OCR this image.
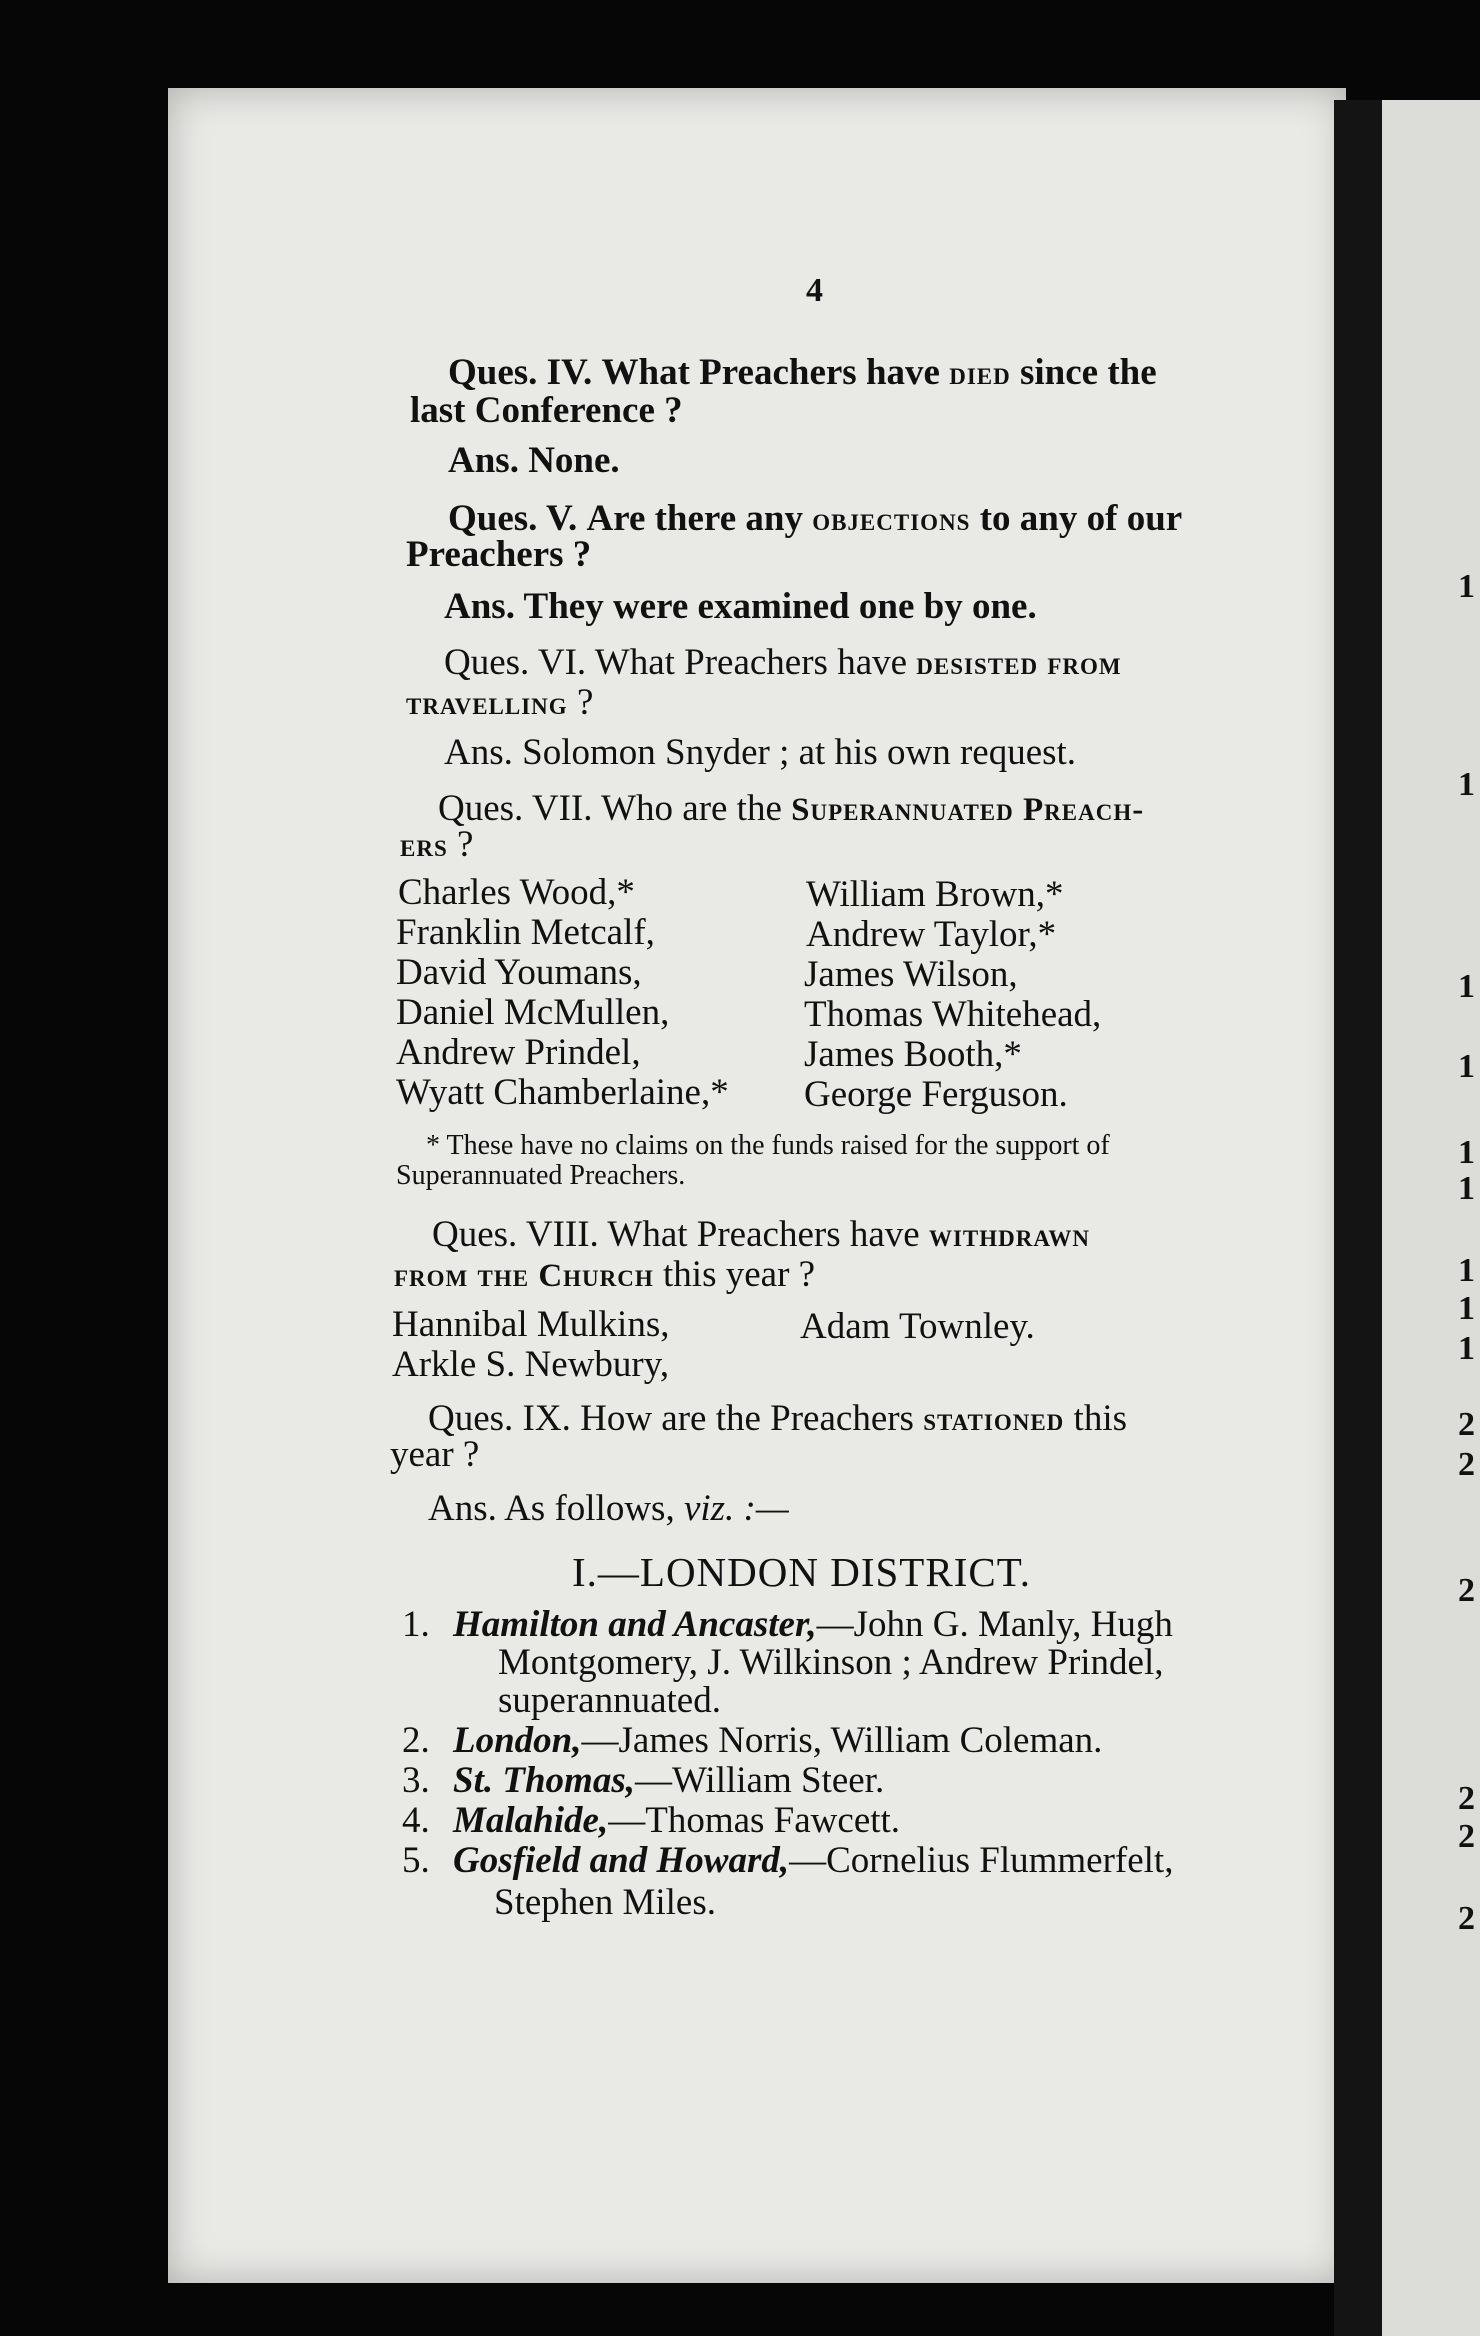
4
Ques. IV. What Preachers have died since the
last Conference ?
Ans. None.
Ques. V. Are there any objections to any of our
Preachers ?
Ans. They were examined one by one.
Ques. VI. What Preachers have desisted from
travelling ?
Ans. Solomon Snyder ; at his own request.
Ques. VII. Who are the Superannuated Preach-
ers ?
Charles Wood,*
Franklin Metcalf,
David Youmans,
Daniel McMullen,
Andrew Prindel,
Wyatt Chamberlaine,*
William Brown,*
Andrew Taylor,*
James Wilson,
Thomas Whitehead,
James Booth,*
George Ferguson.
* These have no claims on the funds raised for the support of
Superannuated Preachers.
Ques. VIII. What Preachers have withdrawn
from the Church this year ?
Hannibal Mulkins,
Arkle S. Newbury,
Adam Townley.
Ques. IX. How are the Preachers stationed this
year ?
Ans. As follows, viz. :—
I.—LONDON DISTRICT.
1. Hamilton and Ancaster,—John G. Manly, Hugh
Montgomery, J. Wilkinson ; Andrew Prindel,
superannuated.
2. London,—James Norris, William Coleman.
3. St. Thomas,—William Steer.
4. Malahide,—Thomas Fawcett.
5. Gosfield and Howard,—Cornelius Flummerfelt,
Stephen Miles.
1
1
1
1
1
1
1
1
1
2
2
2
2
2
2
